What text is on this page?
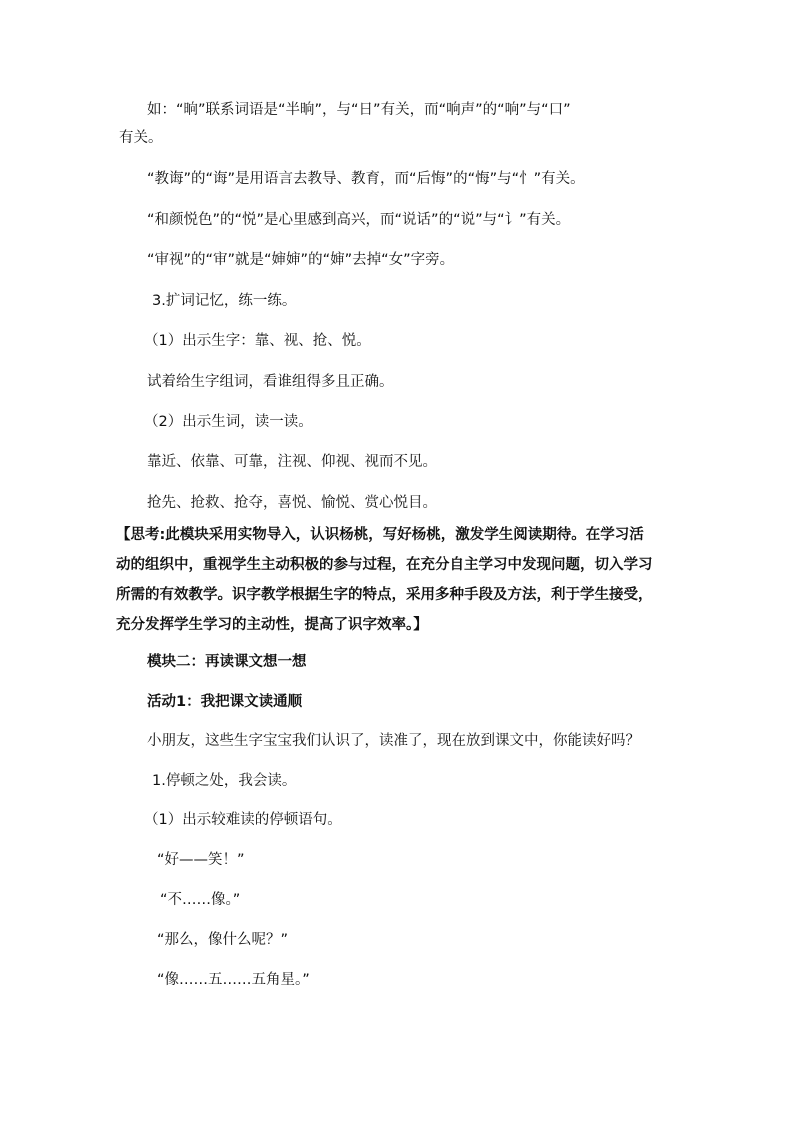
如：“晌”联系词语是“半晌”，与“日”有关，而“响声”的“响”与“口”
有关。
“教诲”的“诲”是用语言去教导、教育，而“后悔”的“悔”与“忄”有关。
“和颜悦色”的“悦”是心里感到高兴，而“说话”的“说”与“讠”有关。
“审视”的“审”就是“婶婶”的“婶”去掉“女”字旁。
3.扩词记忆，练一练。
（1）出示生字：靠、视、抢、悦。
试着给生字组词，看谁组得多且正确。
（2）出示生词，读一读。
靠近、依靠、可靠，注视、仰视、视而不见。
抢先、抢救、抢夺，喜悦、愉悦、赏心悦目。
【思考:此模块采用实物导入，认识杨桃，写好杨桃，激发学生阅读期待。在学习活
动的组织中，重视学生主动积极的参与过程，在充分自主学习中发现问题，切入学习
所需的有效教学。识字教学根据生字的特点，采用多种手段及方法，利于学生接受，
充分发挥学生学习的主动性，提高了识字效率。】
模块二：再读课文想一想
活动1：我把课文读通顺
小朋友，这些生字宝宝我们认识了，读准了，现在放到课文中，你能读好吗？
1.停顿之处，我会读。
（1）出示较难读的停顿语句。
“好——笑！”
“不……像。”
“那么，像什么呢？”
“像……五……五角星。”
